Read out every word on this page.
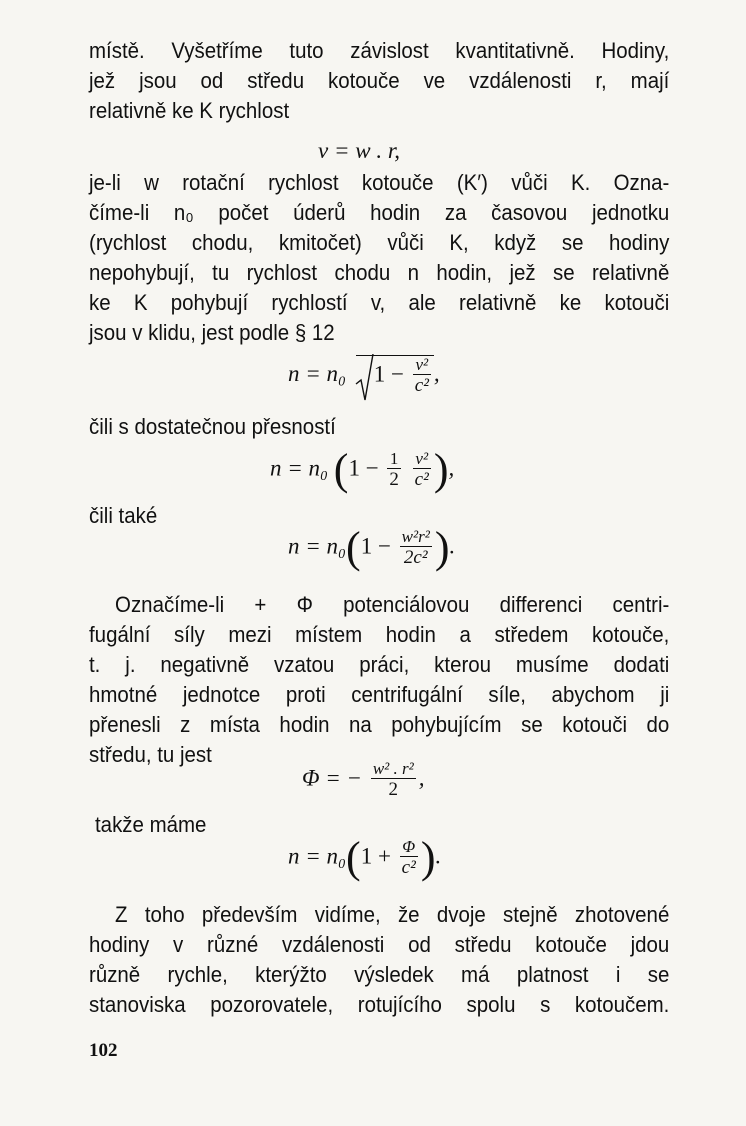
místě. Vyšetříme tuto závislost kvantitativně. Hodiny,
jež jsou od středu kotouče ve vzdálenosti r, mají
relativně ke K rychlost
v = w . r,
je-li w rotační rychlost kotouče (K′) vůči K. Ozna-
číme-li n₀ počet úderů hodin za časovou jednotku
(rychlost chodu, kmitočet) vůči K, když se hodiny
nepohybují, tu rychlost chodu n hodin, jež se relativně
ke K pohybují rychlostí v, ale relativně ke kotouči
jsou v klidu, jest podle § 12
n = n₀ $1 - \frac{\text{v²}}{\text{c²}}$ ,
čili s dostatečnou přesností
n = n₀ ($1 - \frac{1}{2}$
$\frac{\text{v²}}{\text{c²}}$ ),
čili také
$n = n_0(1 - \frac{\text{w²r²}}{\text{2c²}}$ ).
Označíme-li + Φ potenciálovou differenci centri-
fugální síly mezi místem hodin a středem kotouče,
t. j. negativně vzatou práci, kterou musíme dodati
hmotné jednotce proti centrifugální síle, abychom ji
přenesli z místa hodin na pohybujícím se kotouči do
středu, tu jest
Φ = − $\frac{\text{w² . r²}}{2}$ ,
takže máme
$n = n_0(1 + \frac{\Phi}{\text{c²}}$ ).
Z toho především vidíme, že dvoje stejně zhotovené
hodiny v různé vzdálenosti od středu kotouče jdou
různě rychle, kterýžto výsledek má platnost i se
stanoviska pozorovatele, rotujícího spolu s kotoučem.
102
